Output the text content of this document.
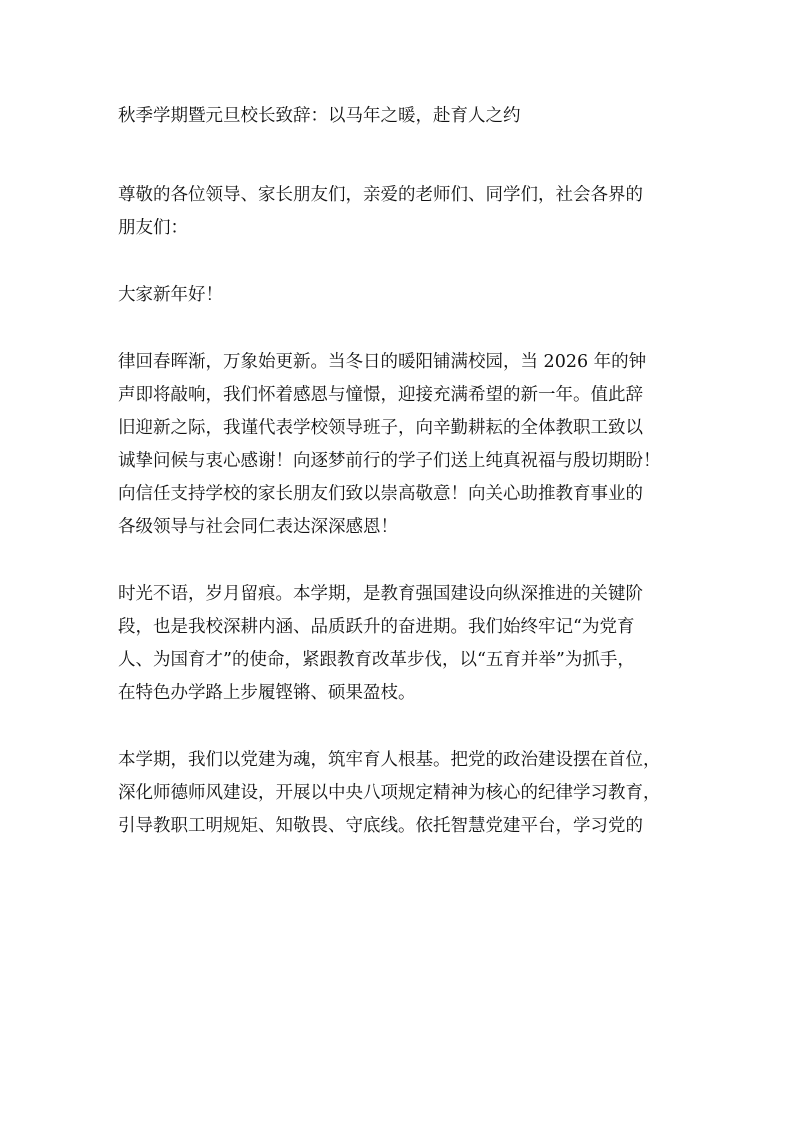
秋季学期暨元旦校长致辞：以马年之暖，赴育人之约

尊敬的各位领导、家长朋友们，亲爱的老师们、同学们，社会各界的
朋友们：

大家新年好！

律回春晖渐，万象始更新。当冬日的暖阳铺满校园，当 2026 年的钟
声即将敲响，我们怀着感恩与憧憬，迎接充满希望的新一年。值此辞
旧迎新之际，我谨代表学校领导班子，向辛勤耕耘的全体教职工致以
诚挚问候与衷心感谢！向逐梦前行的学子们送上纯真祝福与殷切期盼！
向信任支持学校的家长朋友们致以崇高敬意！向关心助推教育事业的
各级领导与社会同仁表达深深感恩！

时光不语，岁月留痕。本学期，是教育强国建设向纵深推进的关键阶
段，也是我校深耕内涵、品质跃升的奋进期。我们始终牢记“为党育
人、为国育才”的使命，紧跟教育改革步伐，以“五育并举”为抓手，
在特色办学路上步履铿锵、硕果盈枝。

本学期，我们以党建为魂，筑牢育人根基。把党的政治建设摆在首位，
深化师德师风建设，开展以中央八项规定精神为核心的纪律学习教育，
引导教职工明规矩、知敬畏、守底线。依托智慧党建平台，学习党的
